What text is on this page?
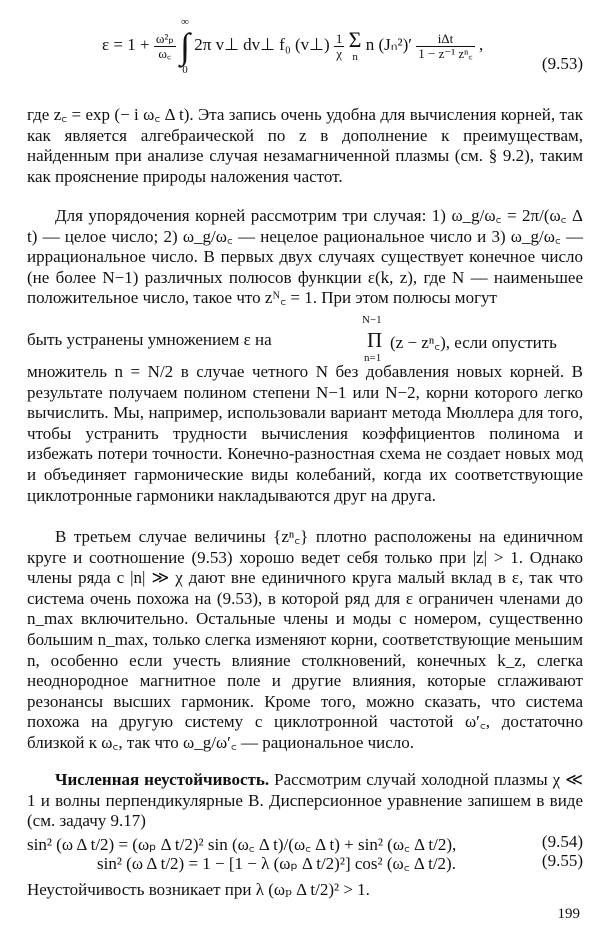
$\varepsilon = 1 + \frac{\text{ω²ₚ}}{\omega꜀}$
∞
∫
0 2π v⊥ dv⊥ f₀ (v⊥) $\frac{1}{\chi}$
Σ
n n $(J_n^2)' \frac{\text{iΔt}}{\text{1 − z⁻¹ zⁿ꜀}}$ ,
(9.53)
где z꜀ = exp (− i ω꜀ Δ t). Эта запись очень удобна для вычисления корней, так как является алгебраической по z в дополнение к преимуществам, найденным при анализе случая незамагниченной плазмы (см. § 9.2), таким как прояснение природы наложения частот.
Для упорядочения корней рассмотрим три случая: 1) ω_g/ω꜀ = 2π/(ω꜀ Δ t) — целое число; 2) ω_g/ω꜀ — нецелое рациональное число и 3) ω_g/ω꜀ — иррациональное число. В первых двух случаях существует конечное число (не более N−1) различных полюсов функции ε(k, z), где N — наименьшее положительное число, такое что zᴺ꜀ = 1. При этом полюсы могут
N−1
быть устранены умножением ε на	Π (z − zⁿ꜀), если опустить
n=1
множитель n = N/2 в случае четного N без добавления новых корней. В результате получаем полином степени N−1 или N−2, корни которого легко вычислить. Мы, например, использовали вариант метода Мюллера для того, чтобы устранить трудности вычисления коэффициентов полинома и избежать потери точности. Конечно-разностная схема не создает новых мод и объединяет гармонические виды колебаний, когда их соответствующие циклотронные гармоники накладываются друг на друга.
В третьем случае величины {zⁿ꜀} плотно расположены на единичном круге и соотношение (9.53) хорошо ведет себя только при |z| > 1. Однако члены ряда с |n| ≫ χ дают вне единичного круга малый вклад в ε, так что система очень похожа на (9.53), в которой ряд для ε ограничен членами до n_max включительно. Остальные члены и моды с номером, существенно большим n_max, только слегка изменяют корни, соответствующие меньшим n, особенно если учесть влияние столкновений, конечных k_z, слегка неоднородное магнитное поле и другие влияния, которые сглаживают резонансы высших гармоник. Кроме того, можно сказать, что система похожа на другую систему с циклотронной частотой ω′꜀, достаточно близкой к ω꜀, так что ω_g/ω′꜀ — рациональное число.
Численная неустойчивость. Рассмотрим случай холодной плазмы χ ≪ 1 и волны перпендикулярные B. Дисперсионное уравнение запишем в виде (см. задачу 9.17)
sin² (ω Δ t/2) = (ωₚ Δ t/2)² sin (ω꜀ Δ t)/(ω꜀ Δ t) + sin² (ω꜀ Δ t/2),	(9.54)
sin² (ω Δ t/2) = 1 − [1 − λ (ωₚ Δ t/2)²] cos² (ω꜀ Δ t/2).	(9.55)
Неустойчивость возникает при λ (ωₚ Δ t/2)² > 1.
199
